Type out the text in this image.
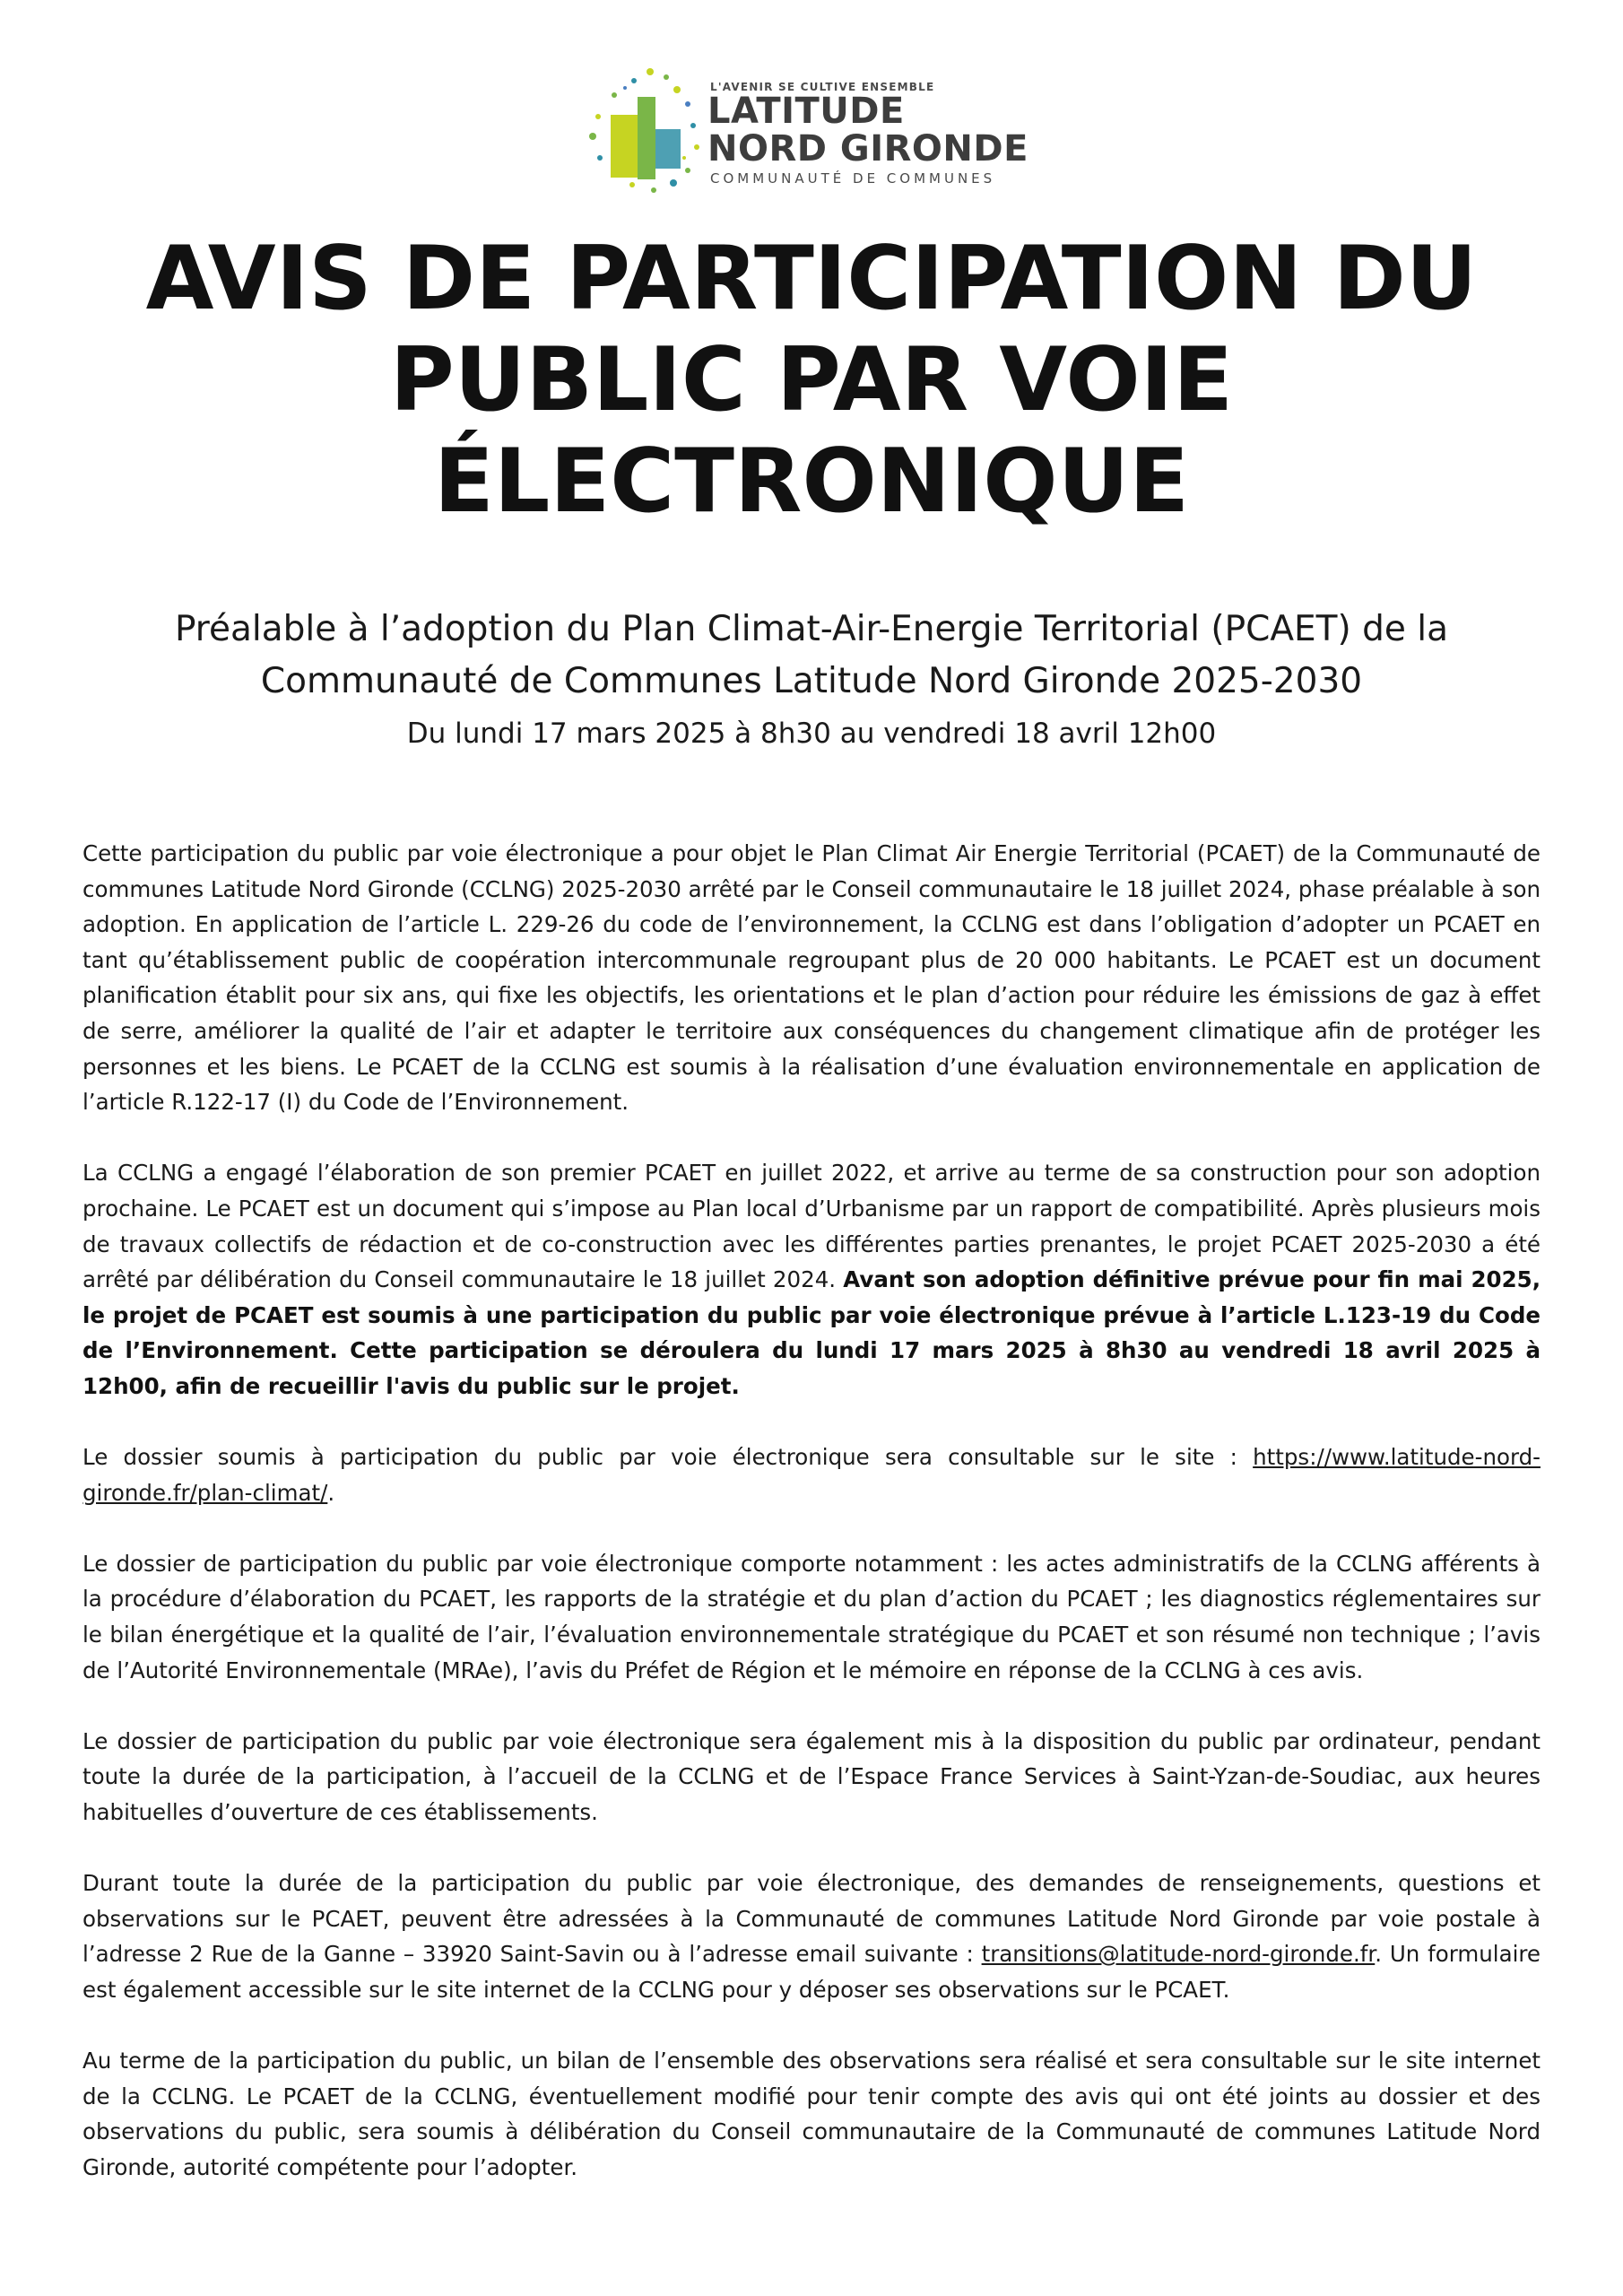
L'AVENIR SE CULTIVE ENSEMBLE
LATITUDE
NORD GIRONDE
COMMUNAUTÉ DE COMMUNES
AVIS DE PARTICIPATION DU
PUBLIC PAR VOIE
ÉLECTRONIQUE
Préalable à l’adoption du Plan Climat-Air-Energie Territorial (PCAET) de la
Communauté de Communes Latitude Nord Gironde 2025-2030
Du lundi 17 mars 2025 à 8h30 au vendredi 18 avril 12h00

Cette participation du public par voie électronique a pour objet le Plan Climat Air Energie Territorial (PCAET) de la Communauté de communes Latitude Nord Gironde (CCLNG) 2025-2030 arrêté par le Conseil communautaire le 18 juillet 2024, phase préalable à son adoption. En application de l’article L. 229-26 du code de l’environnement, la CCLNG est dans l’obligation d’adopter un PCAET en tant qu’établissement public de coopération intercommunale regroupant plus de 20 000 habitants. Le PCAET est un document planification établit pour six ans, qui fixe les objectifs, les orientations et le plan d’action pour réduire les émissions de gaz à effet de serre, améliorer la qualité de l’air et adapter le territoire aux conséquences du changement climatique afin de protéger les personnes et les biens. Le PCAET de la CCLNG est soumis à la réalisation d’une évaluation environnementale en application de l’article R.122-17 (I) du Code de l’Environnement.

La CCLNG a engagé l’élaboration de son premier PCAET en juillet 2022, et arrive au terme de sa construction pour son adoption prochaine. Le PCAET est un document qui s’impose au Plan local d’Urbanisme par un rapport de compatibilité. Après plusieurs mois de travaux collectifs de rédaction et de co-construction avec les différentes parties prenantes, le projet PCAET 2025-2030 a été arrêté par délibération du Conseil communautaire le 18 juillet 2024. Avant son adoption définitive prévue pour fin mai 2025, le projet de PCAET est soumis à une participation du public par voie électronique prévue à l’article L.123-19 du Code de l’Environnement. Cette participation se déroulera du lundi 17 mars 2025 à 8h30 au vendredi 18 avril 2025 à 12h00, afin de recueillir l'avis du public sur le projet.

Le dossier soumis à participation du public par voie électronique sera consultable sur le site : https://www.latitude-nord-gironde.fr/plan-climat/.

Le dossier de participation du public par voie électronique comporte notamment : les actes administratifs de la CCLNG afférents à la procédure d’élaboration du PCAET, les rapports de la stratégie et du plan d’action du PCAET ; les diagnostics réglementaires sur le bilan énergétique et la qualité de l’air, l’évaluation environnementale stratégique du PCAET et son résumé non technique ; l’avis de l’Autorité Environnementale (MRAe), l’avis du Préfet de Région et le mémoire en réponse de la CCLNG à ces avis.

Le dossier de participation du public par voie électronique sera également mis à la disposition du public par ordinateur, pendant toute la durée de la participation, à l’accueil de la CCLNG et de l’Espace France Services à Saint-Yzan-de-Soudiac, aux heures habituelles d’ouverture de ces établissements.

Durant toute la durée de la participation du public par voie électronique, des demandes de renseignements, questions et observations sur le PCAET, peuvent être adressées à la Communauté de communes Latitude Nord Gironde par voie postale à l’adresse 2 Rue de la Ganne – 33920 Saint-Savin ou à l’adresse email suivante : transitions@latitude-nord-gironde.fr. Un formulaire est également accessible sur le site internet de la CCLNG pour y déposer ses observations sur le PCAET.

Au terme de la participation du public, un bilan de l’ensemble des observations sera réalisé et sera consultable sur le site internet de la CCLNG. Le PCAET de la CCLNG, éventuellement modifié pour tenir compte des avis qui ont été joints au dossier et des observations du public, sera soumis à délibération du Conseil communautaire de la Communauté de communes Latitude Nord Gironde, autorité compétente pour l’adopter.
